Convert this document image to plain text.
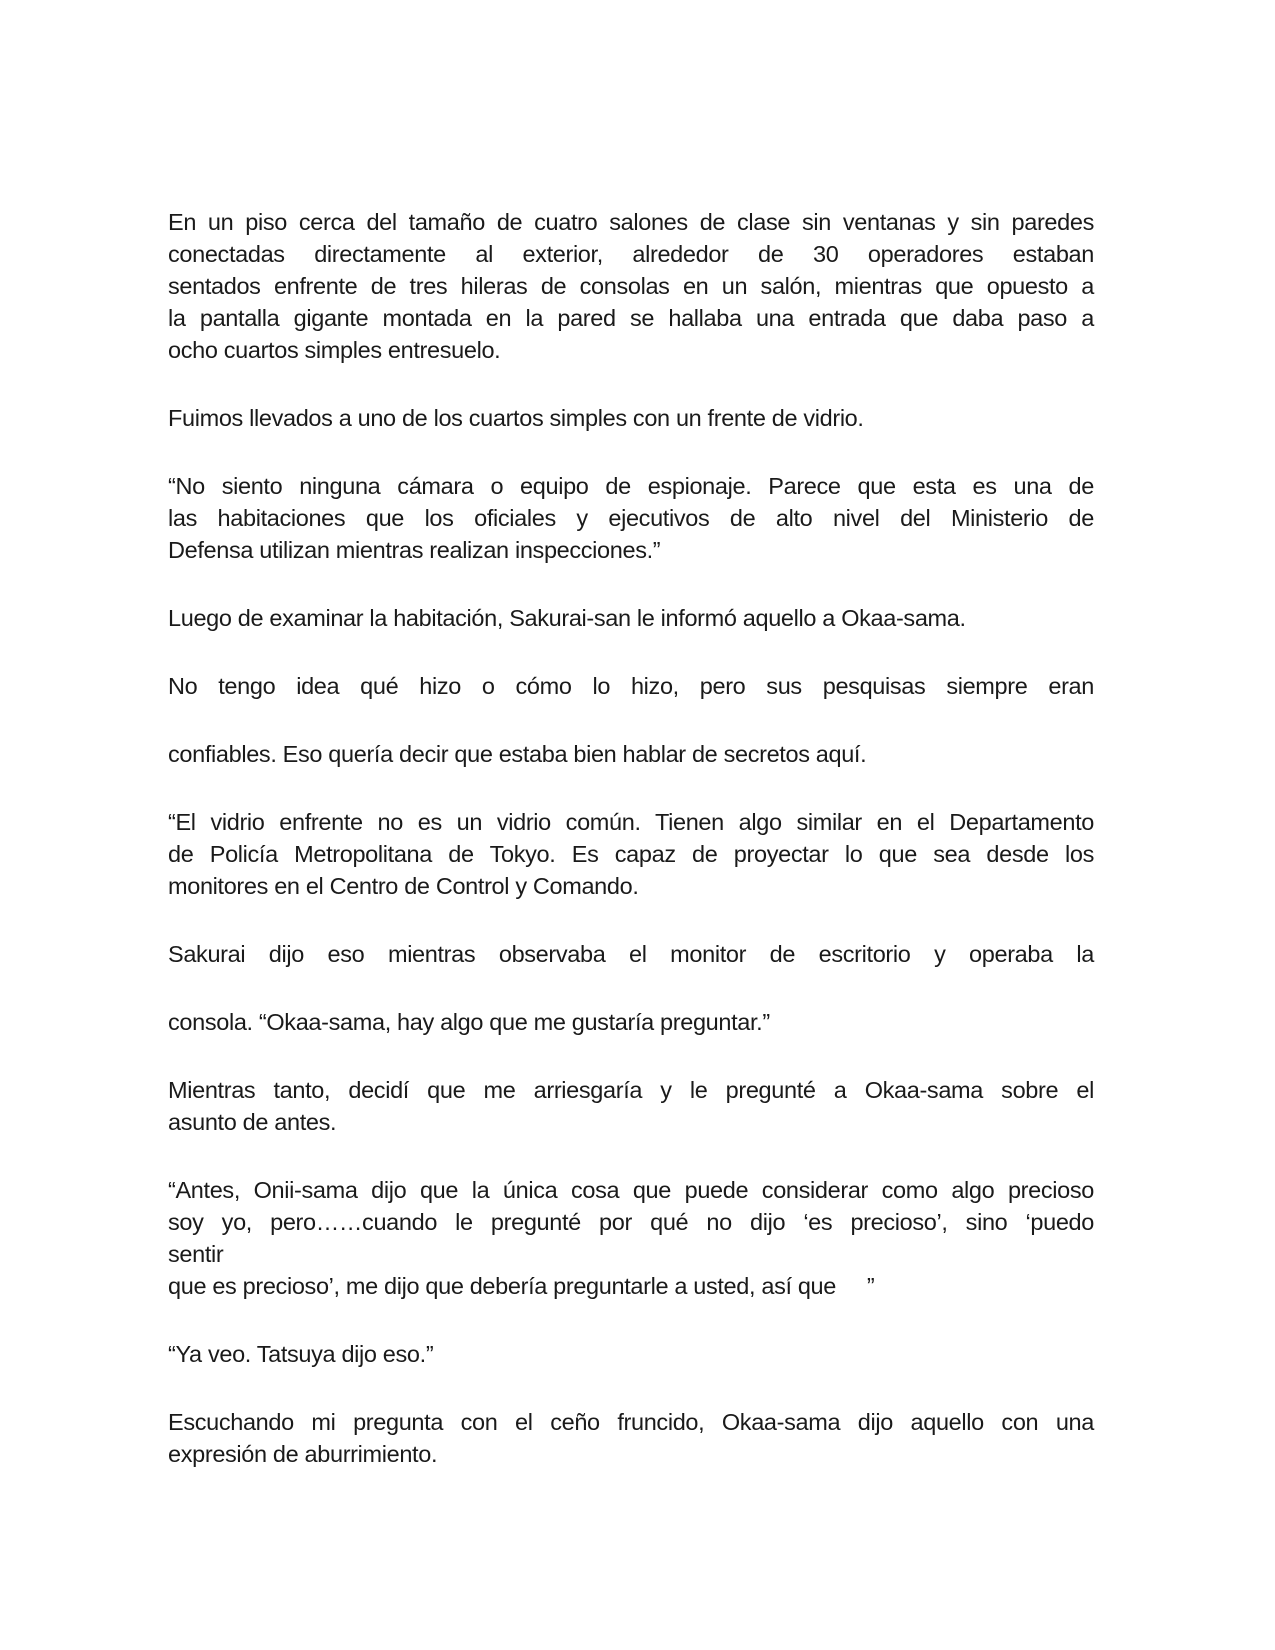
En un piso cerca del tamaño de cuatro salones de clase sin ventanas y sin paredes
conectadas directamente al exterior, alrededor de 30 operadores estaban
sentados enfrente de tres hileras de consolas en un salón, mientras que opuesto a
la pantalla gigante montada en la pared se hallaba una entrada que daba paso a
ocho cuartos simples entresuelo.
Fuimos llevados a uno de los cuartos simples con un frente de vidrio.
“No siento ninguna cámara o equipo de espionaje. Parece que esta es una de
las habitaciones que los oficiales y ejecutivos de alto nivel del Ministerio de
Defensa utilizan mientras realizan inspecciones.”
Luego de examinar la habitación, Sakurai-san le informó aquello a Okaa-sama.
No tengo idea qué hizo o cómo lo hizo, pero sus pesquisas siempre eran
confiables. Eso quería decir que estaba bien hablar de secretos aquí.
“El vidrio enfrente no es un vidrio común. Tienen algo similar en el Departamento
de Policía Metropolitana de Tokyo. Es capaz de proyectar lo que sea desde los
monitores en el Centro de Control y Comando.
Sakurai dijo eso mientras observaba el monitor de escritorio y operaba la
consola. “Okaa-sama, hay algo que me gustaría preguntar.”
Mientras tanto, decidí que me arriesgaría y le pregunté a Okaa-sama sobre el
asunto de antes.
“Antes, Onii-sama dijo que la única cosa que puede considerar como algo precioso
soy yo, pero……cuando le pregunté por qué no dijo ‘es precioso’, sino ‘puedo
sentir
que es precioso’, me dijo que debería preguntarle a usted, así que     ”
“Ya veo. Tatsuya dijo eso.”
Escuchando mi pregunta con el ceño fruncido, Okaa-sama dijo aquello con una
expresión de aburrimiento.
